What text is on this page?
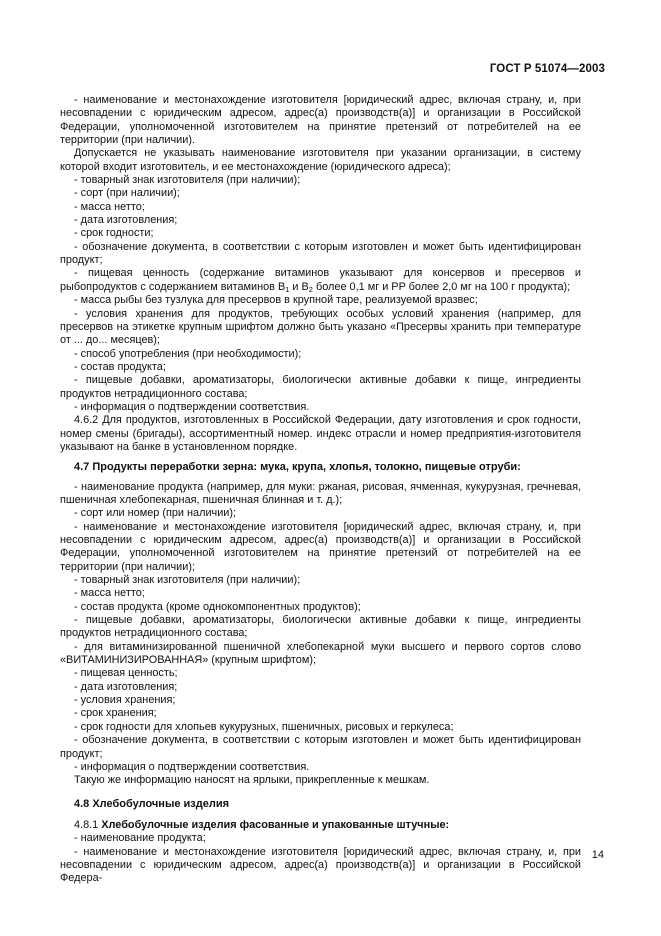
ГОСТ Р 51074—2003

- наименование и местонахождение изготовителя [юридический адрес, включая страну, и, при несовпадении с юридическим адресом, адрес(а) производств(а)] и организации в Российской Федерации, уполномоченной изготовителем на принятие претензий от потребителей на ее территории (при наличии).

Допускается не указывать наименование изготовителя при указании организации, в систему которой входит изготовитель, и ее местонахождение (юридического адреса);

- товарный знак изготовителя (при наличии);

- сорт (при наличии);

- масса нетто;

- дата изготовления;

- срок годности;

- обозначение документа, в соответствии с которым изготовлен и может быть идентифицирован продукт;

- пищевая ценность (содержание витаминов указывают для консервов и пресервов и рыбопродуктов с содержанием витаминов $В_1$ и $В_2$ более 0,1 мг и PP более 2,0 мг на 100 г продукта);

- масса рыбы без тузлука для пресервов в крупной таре, реализуемой вразвес;

- условия хранения для продуктов, требующих особых условий хранения (например, для пресервов на этикетке крупным шрифтом должно быть указано «Пресервы хранить при температуре от ... до... месяцев);

- способ употребления (при необходимости);

- состав продукта;

- пищевые добавки, ароматизаторы, биологически активные добавки к пище, ингредиенты продуктов нетрадиционного состава;

- информация о подтверждении соответствия.

4.6.2 Для продуктов, изготовленных в Российской Федерации, дату изготовления и срок годности, номер смены (бригады), ассортиментный номер. индекс отрасли и номер предприятия-изготовителя указывают на банке в установленном порядке.

4.7 Продукты переработки зерна: мука, крупа, хлопья, толокно, пищевые отруби:

- наименование продукта (например, для муки: ржаная, рисовая, ячменная, кукурузная, гречневая, пшеничная хлебопекарная, пшеничная блинная и т. д.);

- сорт или номер (при наличии);

- наименование и местонахождение изготовителя [юридический адрес, включая страну, и, при несовпадении с юридическим адресом, адрес(а) производств(а)] и организации в Российской Федерации, уполномоченной изготовителем на принятие претензий от потребителей на ее территории (при наличии);

- товарный знак изготовителя (при наличии);

- масса нетто;

- состав продукта (кроме однокомпонентных продуктов);

- пищевые добавки, ароматизаторы, биологически активные добавки к пище, ингредиенты продуктов нетрадиционного состава;

- для витаминизированной пшеничной хлебопекарной муки высшего и первого сортов слово «ВИТАМИНИЗИРОВАННАЯ» (крупным шрифтом);

- пищевая ценность;

- дата изготовления;

- условия хранения;

- срок хранения;

- срок годности для хлопьев кукурузных, пшеничных, рисовых и геркулеса;

- обозначение документа, в соответствии с которым изготовлен и может быть идентифицирован продукт;

- информация о подтверждении соответствия.

Такую же информацию наносят на ярлыки, прикрепленные к мешкам.

4.8 Хлебобулочные изделия

4.8.1 Хлебобулочные изделия фасованные и упакованные штучные:

- наименование продукта;

- наименование и местонахождение изготовителя [юридический адрес, включая страну, и, при несовпадении с юридическим адресом, адрес(а) производств(а)] и организации в Российской Федера-

14
